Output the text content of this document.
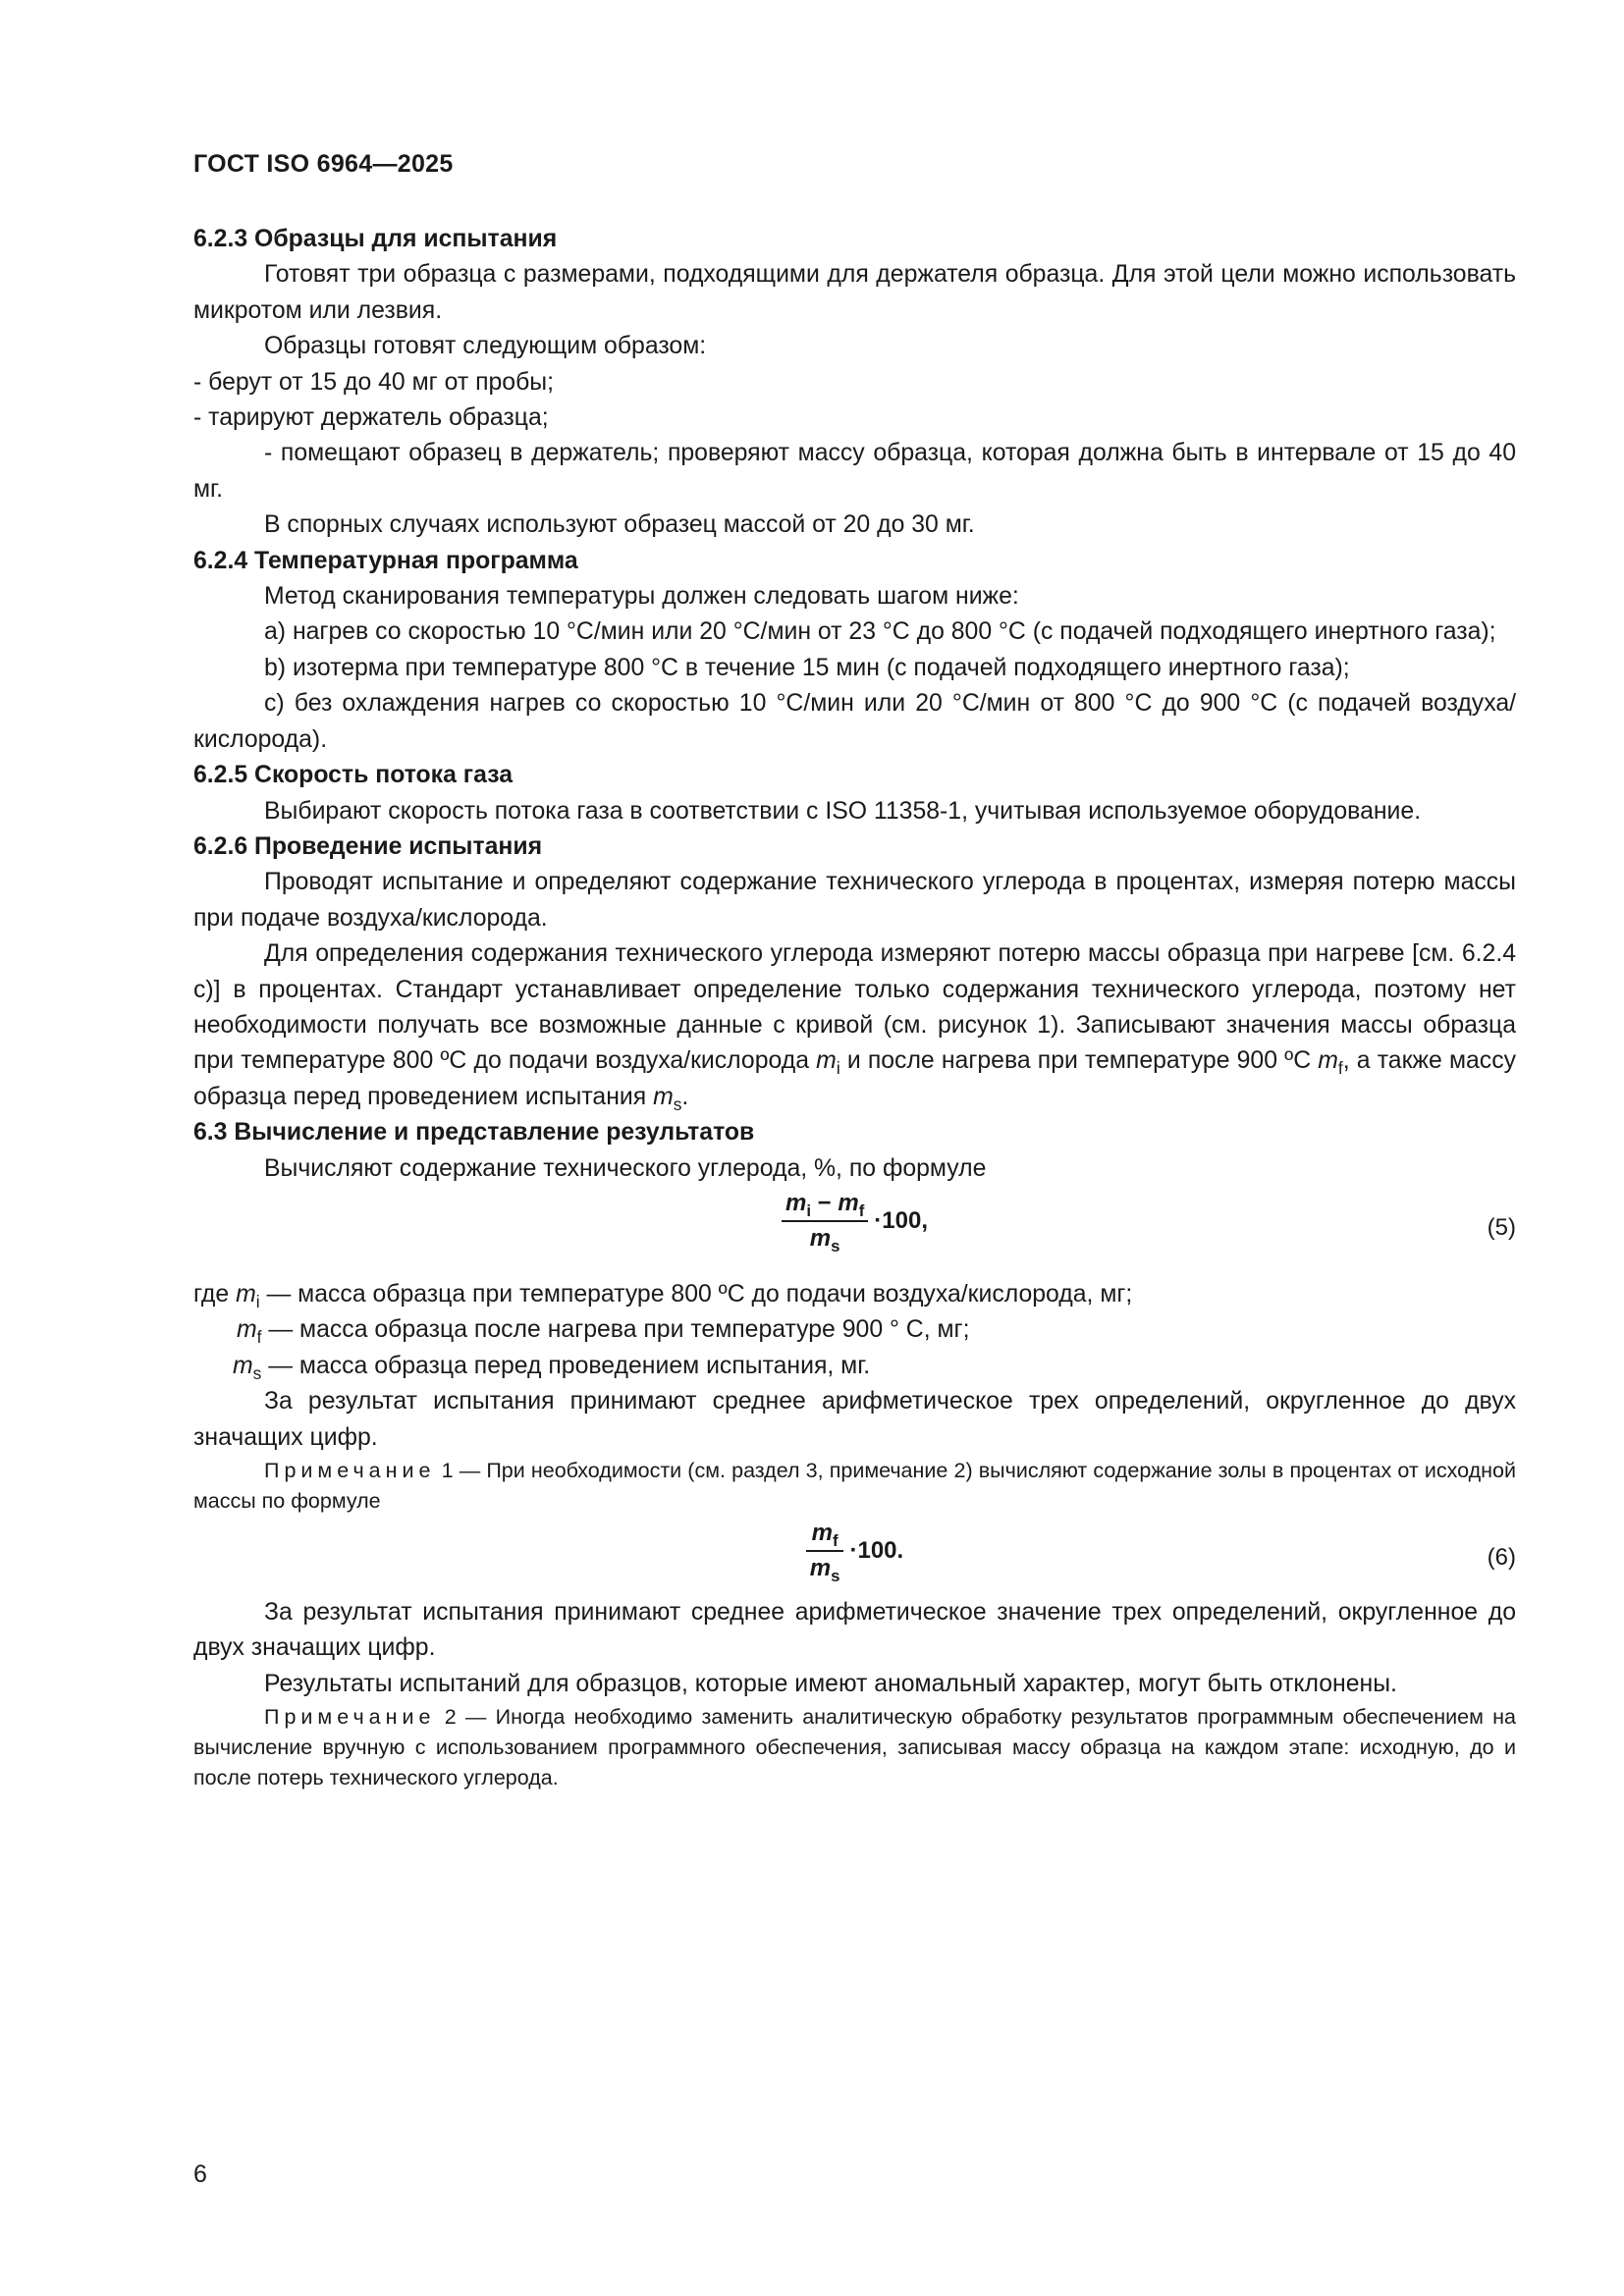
ГОСТ ISO 6964—2025

6.2.3 Образцы для испытания

Готовят три образца с размерами, подходящими для держателя образца. Для этой цели можно использовать микротом или лезвия.

Образцы готовят следующим образом:

- берут от 15 до 40 мг от пробы;

- тарируют держатель образца;

- помещают образец в держатель; проверяют массу образца, которая должна быть в интервале от 15 до 40 мг.

В спорных случаях используют образец массой от 20 до 30 мг.

6.2.4 Температурная программа

Метод сканирования температуры должен следовать шагом ниже:

а) нагрев со скоростью 10 °С/мин или 20 °С/мин от 23 °С до 800 °С (с подачей подходящего инертного газа);

b) изотерма при температуре 800 °С в течение 15 мин (с подачей подходящего инертного газа);

c) без охлаждения нагрев со скоростью 10 °С/мин или 20 °С/мин от 800 °С до 900 °С (с подачей воздуха/кислорода).

6.2.5 Скорость потока газа

Выбирают скорость потока газа в соответствии с ISO 11358-1, учитывая используемое оборудование.

6.2.6 Проведение испытания

Проводят испытание и определяют содержание технического углерода в процентах, измеряя потерю массы при подаче воздуха/кислорода.

Для определения содержания технического углерода измеряют потерю массы образца при нагреве [см. 6.2.4 с)] в процентах. Стандарт устанавливает определение только содержания технического углерода, поэтому нет необходимости получать все возможные данные с кривой (см. рисунок 1). Записывают значения массы образца при температуре 800 ºС до подачи воздуха/кислорода $m_i$ и после нагрева при температуре 900 ºС $m_f$, а также массу образца перед проведением испытания $m_s$.

6.3 Вычисление и представление результатов

Вычисляют содержание технического углерода, %, по формуле

$\frac{m_i - m_f}{m_s} \cdot 100$,	(5)

где $m_i$ — масса образца при температуре 800 ºС до подачи воздуха/кислорода, мг;

$m_f$ — масса образца после нагрева при температуре 900 ° С, мг;

$m_s$ — масса образца перед проведением испытания, мг.

За результат испытания принимают среднее арифметическое трех определений, округленное до двух значащих цифр.

Примечание 1 — При необходимости (см. раздел 3, примечание 2) вычисляют содержание золы в процентах от исходной массы по формуле

$\frac{m_f}{m_s} \cdot 100$.	(6)

За результат испытания принимают среднее арифметическое значение трех определений, округленное до двух значащих цифр.

Результаты испытаний для образцов, которые имеют аномальный характер, могут быть отклонены.

Примечание 2 — Иногда необходимо заменить аналитическую обработку результатов программным обеспечением на вычисление вручную с использованием программного обеспечения, записывая массу образца на каждом этапе: исходную, до и после потерь технического углерода.

6
